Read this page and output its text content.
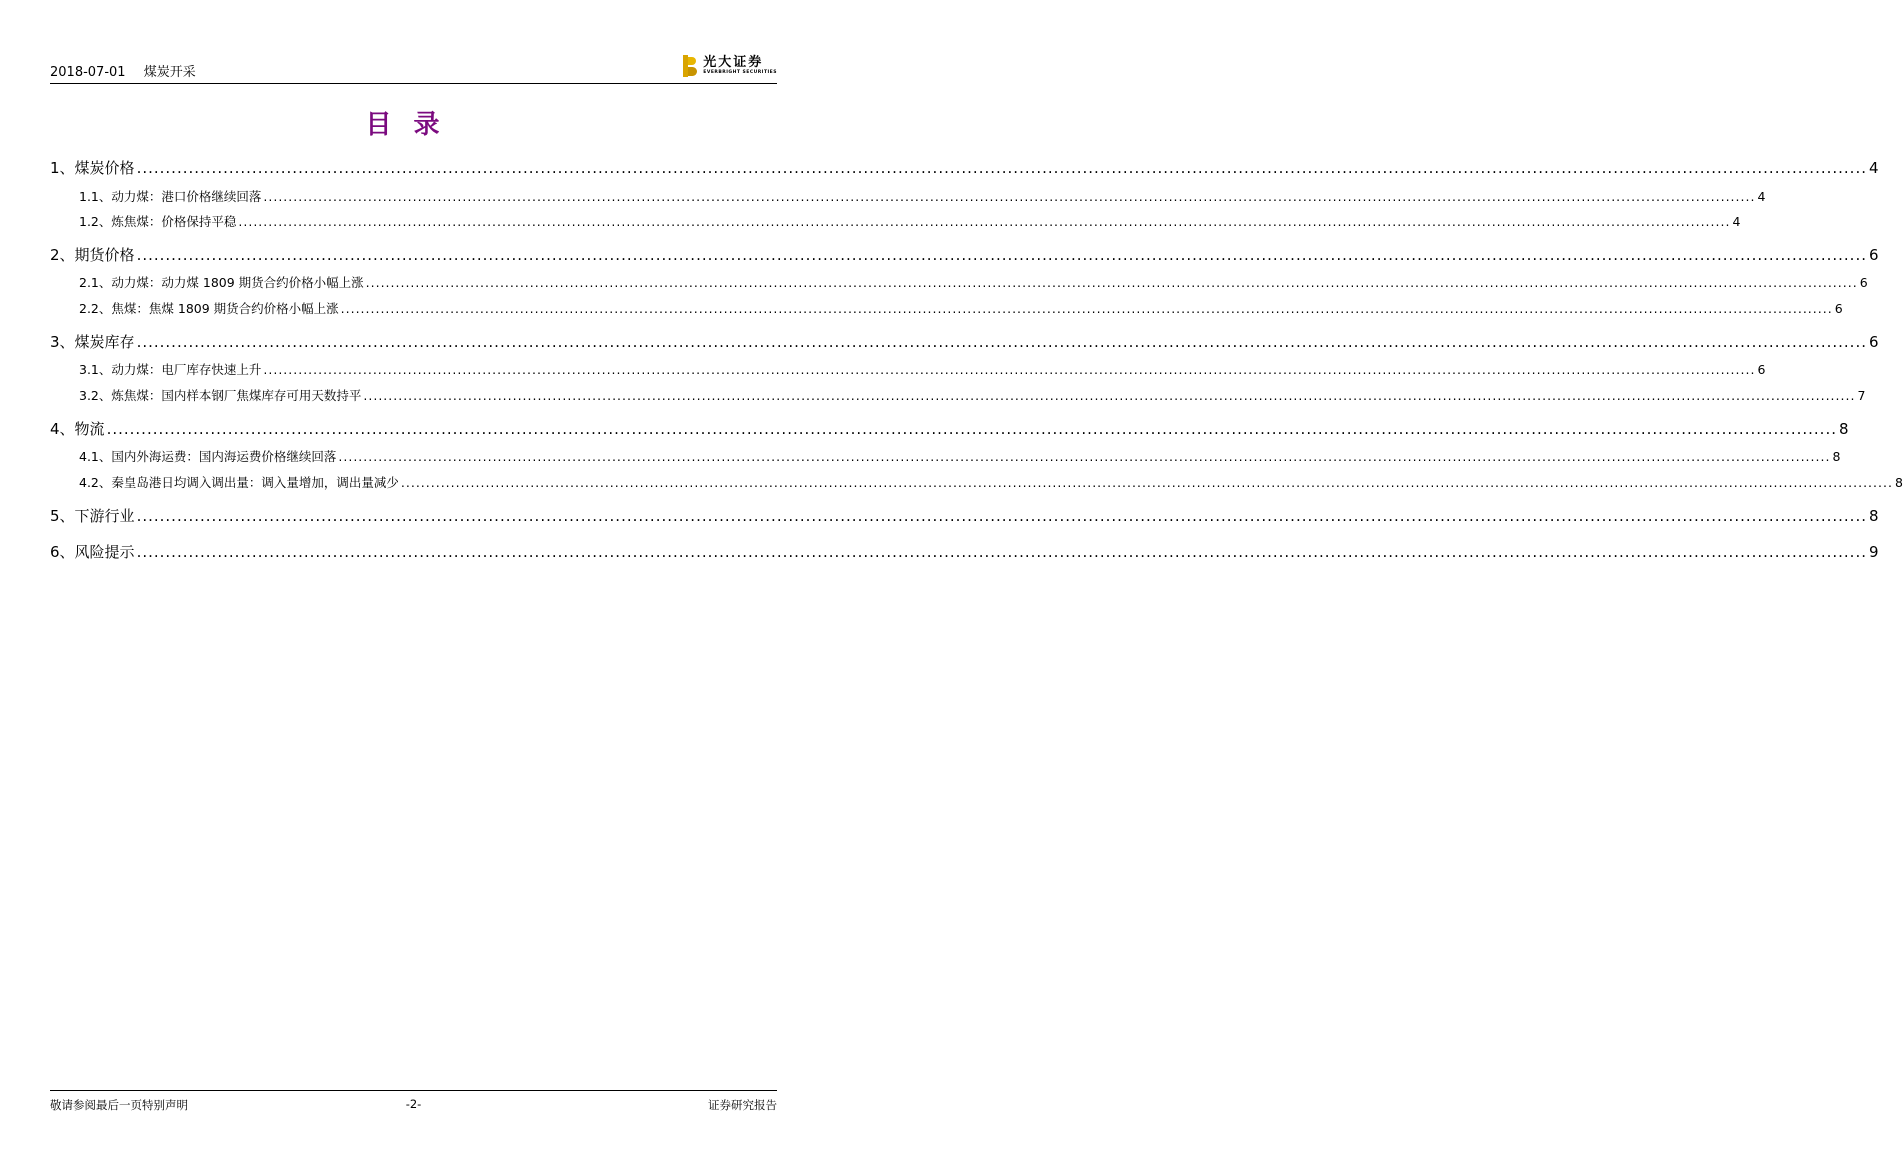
2018-07-01 煤炭开采
光大证券
EVERBRIGHT SECURITIES
目录
1、 煤炭价格 ............................................................................................................................................................................................................................................................................................................ 4
1.1、 动力煤：港口价格继续回落 ............................................................................................................................................................................................................................................................................................................ 4
1.2、 炼焦煤：价格保持平稳 ............................................................................................................................................................................................................................................................................................................ 4
2、 期货价格 ............................................................................................................................................................................................................................................................................................................ 6
2.1、 动力煤：动力煤 1809 期货合约价格小幅上涨 ............................................................................................................................................................................................................................................................................................................ 6
2.2、 焦煤：焦煤 1809 期货合约价格小幅上涨 ............................................................................................................................................................................................................................................................................................................ 6
3、 煤炭库存 ............................................................................................................................................................................................................................................................................................................ 6
3.1、 动力煤：电厂库存快速上升 ............................................................................................................................................................................................................................................................................................................ 6
3.2、 炼焦煤：国内样本钢厂焦煤库存可用天数持平 ............................................................................................................................................................................................................................................................................................................ 7
4、 物流 ............................................................................................................................................................................................................................................................................................................ 8
4.1、 国内外海运费：国内海运费价格继续回落 ............................................................................................................................................................................................................................................................................................................ 8
4.2、 秦皇岛港日均调入调出量：调入量增加，调出量减少 ............................................................................................................................................................................................................................................................................................................ 8
5、 下游行业 ............................................................................................................................................................................................................................................................................................................ 8
6、 风险提示 ............................................................................................................................................................................................................................................................................................................ 9
敬请参阅最后一页特别声明	-2-	证券研究报告
